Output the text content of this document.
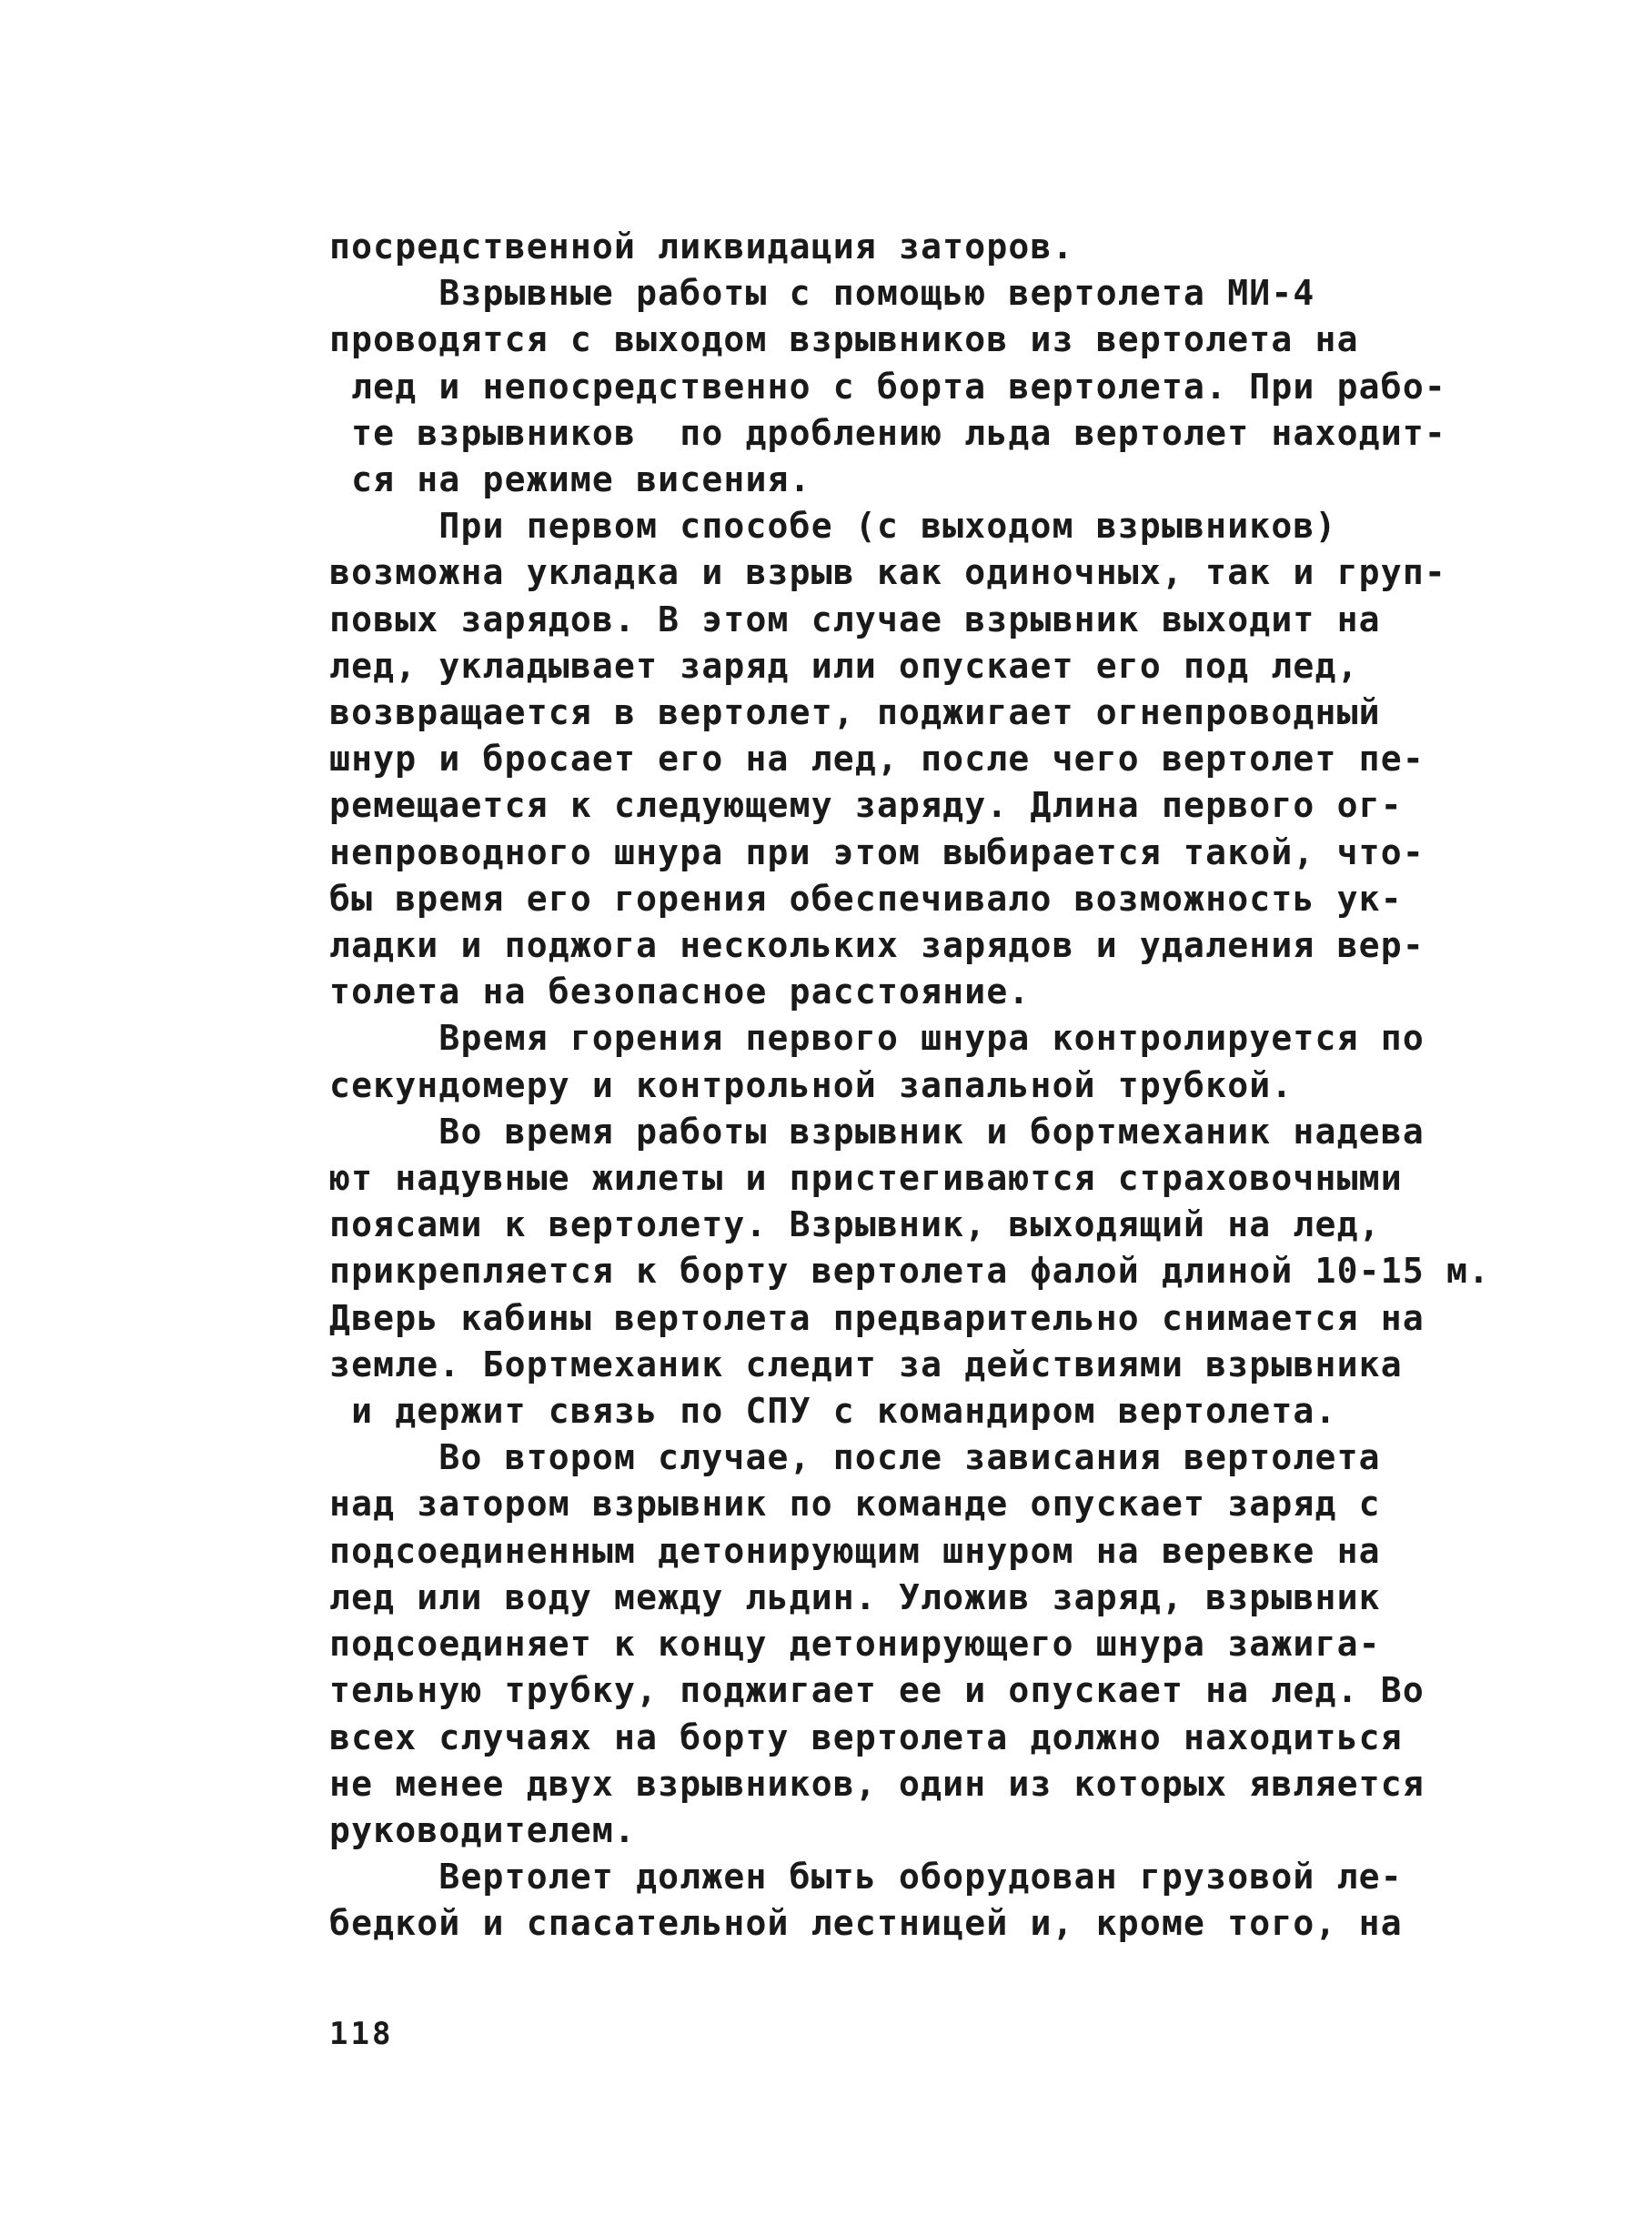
посредственной ликвидация заторов.
Взрывные работы с помощью вертолета МИ-4
проводятся с выходом взрывников из вертолета на
лед и непосредственно с борта вертолета. При рабо-
те взрывников  по дроблению льда вертолет находит-
ся на режиме висения.
При первом способе (с выходом взрывников)
возможна укладка и взрыв как одиночных, так и груп-
повых зарядов. В этом случае взрывник выходит на
лед, укладывает заряд или опускает его под лед,
возвращается в вертолет, поджигает огнепроводный
шнур и бросает его на лед, после чего вертолет пе-
ремещается к следующему заряду. Длина первого ог-
непроводного шнура при этом выбирается такой, что-
бы время его горения обеспечивало возможность ук-
ладки и поджога нескольких зарядов и удаления вер-
толета на безопасное расстояние.
Время горения первого шнура контролируется по
секундомеру и контрольной запальной трубкой.
Во время работы взрывник и бортмеханик надева
ют надувные жилеты и пристегиваются страховочными
поясами к вертолету. Взрывник, выходящий на лед,
прикрепляется к борту вертолета фалой длиной 10-15 м.
Дверь кабины вертолета предварительно снимается на
земле. Бортмеханик следит за действиями взрывника
и держит связь по СПУ с командиром вертолета.
Во втором случае, после зависания вертолета
над затором взрывник по команде опускает заряд с
подсоединенным детонирующим шнуром на веревке на
лед или воду между льдин. Уложив заряд, взрывник
подсоединяет к концу детонирующего шнура зажига-
тельную трубку, поджигает ее и опускает на лед. Во
всех случаях на борту вертолета должно находиться
не менее двух взрывников, один из которых является
руководителем.
Вертолет должен быть оборудован грузовой ле-
бедкой и спасательной лестницей и, кроме того, на
118
